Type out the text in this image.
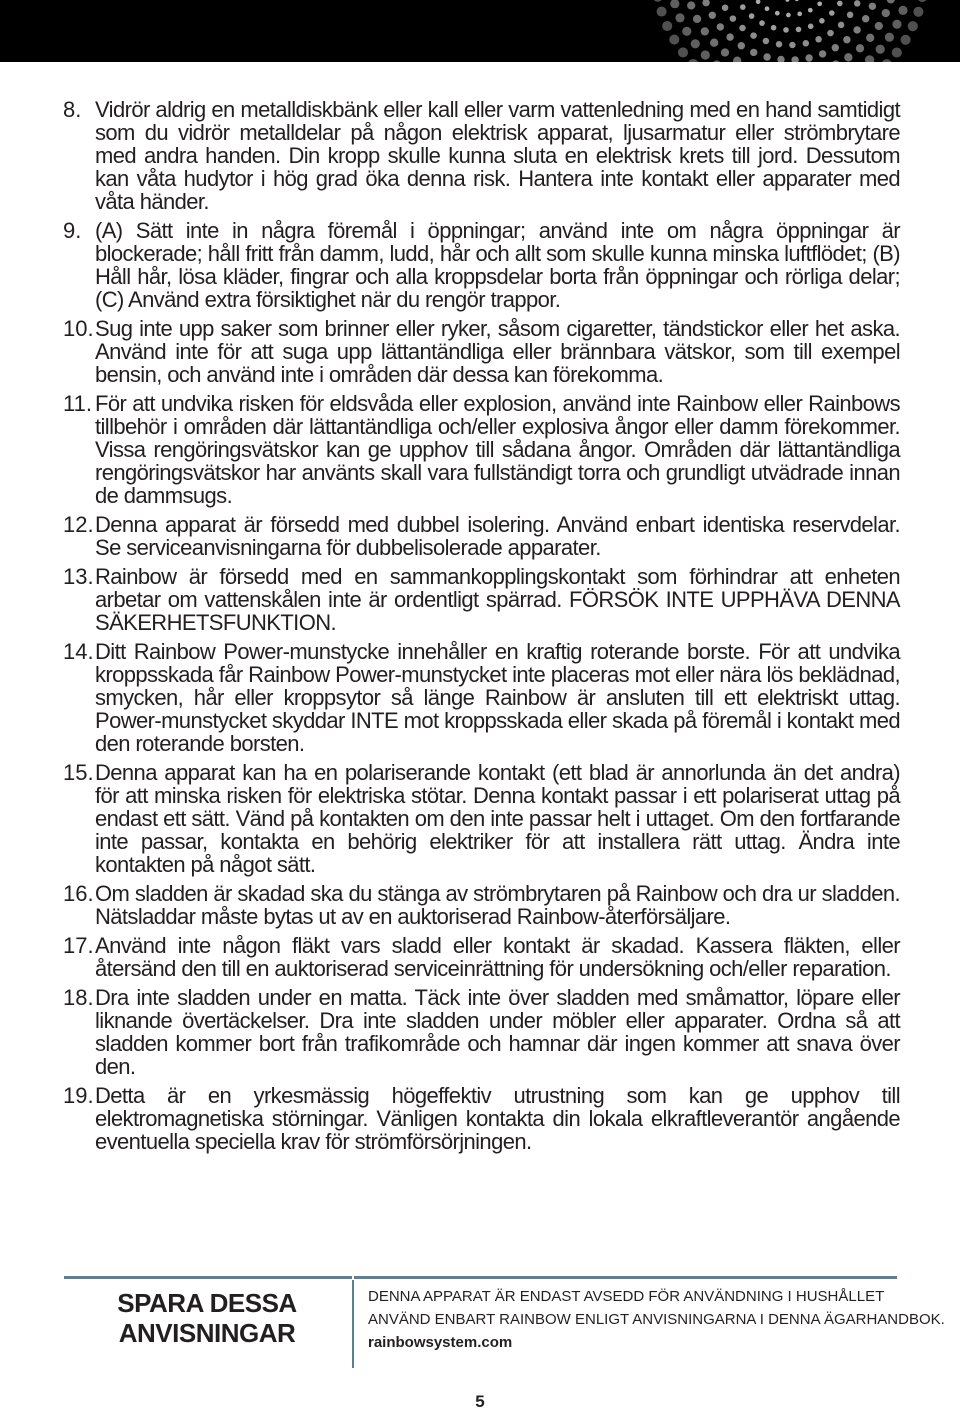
8. Vidrör aldrig en metalldiskbänk eller kall eller varm vattenledning med en hand samtidigt som du vidrör metalldelar på någon elektrisk apparat, ljusarmatur eller strömbrytare med andra handen. Din kropp skulle kunna sluta en elektrisk krets till jord. Dessutom kan våta hudytor i hög grad öka denna risk. Hantera inte kontakt eller apparater med våta händer.
9. (A) Sätt inte in några föremål i öppningar; använd inte om några öppningar är blockerade; håll fritt från damm, ludd, hår och allt som skulle kunna minska luftflödet; (B) Håll hår, lösa kläder, fingrar och alla kroppsdelar borta från öppningar och rörliga delar; (C) Använd extra försiktighet när du rengör trappor.
10. Sug inte upp saker som brinner eller ryker, såsom cigaretter, tändstickor eller het aska. Använd inte för att suga upp lättantändliga eller brännbara vätskor, som till exempel bensin, och använd inte i områden där dessa kan förekomma.
11. För att undvika risken för eldsvåda eller explosion, använd inte Rainbow eller Rainbows tillbehör i områden där lättantändliga och/eller explosiva ångor eller damm förekommer. Vissa rengöringsvätskor kan ge upphov till sådana ångor. Områden där lättantändliga rengöringsvätskor har använts skall vara fullständigt torra och grundligt utvädrade innan de dammsugs.
12. Denna apparat är försedd med dubbel isolering. Använd enbart identiska reservdelar. Se serviceanvisningarna för dubbelisolerade apparater.
13. Rainbow är försedd med en sammankopplingskontakt som förhindrar att enheten arbetar om vattenskålen inte är ordentligt spärrad. FÖRSÖK INTE UPPHÄVA DENNA SÄKERHETSFUNKTION.
14. Ditt Rainbow Power-munstycke innehåller en kraftig roterande borste. För att undvika kroppsskada får Rainbow Power-munstycket inte placeras mot eller nära lös beklädnad, smycken, hår eller kroppsytor så länge Rainbow är ansluten till ett elektriskt uttag. Power-munstycket skyddar INTE mot kroppsskada eller skada på föremål i kontakt med den roterande borsten.
15. Denna apparat kan ha en polariserande kontakt (ett blad är annorlunda än det andra) för att minska risken för elektriska stötar. Denna kontakt passar i ett polariserat uttag på endast ett sätt. Vänd på kontakten om den inte passar helt i uttaget. Om den fortfarande inte passar, kontakta en behörig elektriker för att installera rätt uttag. Ändra inte kontakten på något sätt.
16. Om sladden är skadad ska du stänga av strömbrytaren på Rainbow och dra ur sladden. Nätsladdar måste bytas ut av en auktoriserad Rainbow-återförsäljare.
17. Använd inte någon fläkt vars sladd eller kontakt är skadad. Kassera fläkten, eller återsänd den till en auktoriserad serviceinrättning för undersökning och/eller reparation.
18. Dra inte sladden under en matta. Täck inte över sladden med småmattor, löpare eller liknande övertäckelser. Dra inte sladden under möbler eller apparater. Ordna så att sladden kommer bort från trafikområde och hamnar där ingen kommer att snava över den.
19. Detta är en yrkesmässig högeffektiv utrustning som kan ge upphov till elektromagnetiska störningar. Vänligen kontakta din lokala elkraftleverantör angående eventuella speciella krav för strömförsörjningen.
SPARA DESSA
ANVISNINGAR
DENNA APPARAT ÄR ENDAST AVSEDD FÖR ANVÄNDNING I HUSHÅLLET
ANVÄND ENBART RAINBOW ENLIGT ANVISNINGARNA I DENNA ÄGARHANDBOK.
rainbowsystem.com
5
